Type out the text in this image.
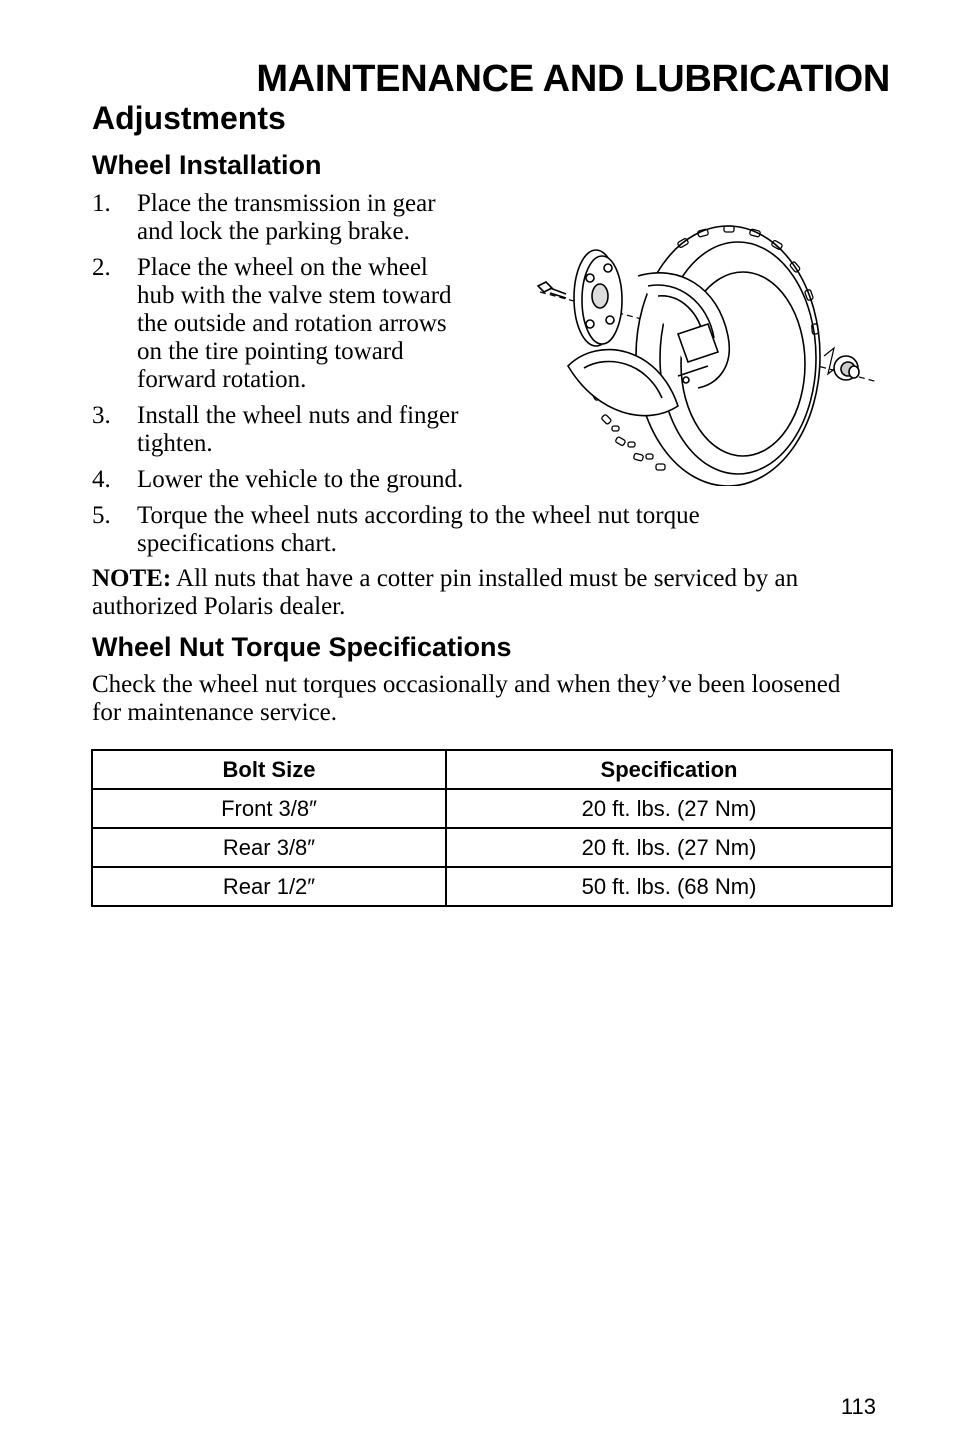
MAINTENANCE AND LUBRICATION
Adjustments
Wheel Installation
1. Place the transmission in gear
and lock the parking brake.
2. Place the wheel on the wheel
hub with the valve stem toward
the outside and rotation arrows
on the tire pointing toward
forward rotation.
3. Install the wheel nuts and finger
tighten.
4. Lower the vehicle to the ground.
5. Torque the wheel nuts according to the wheel nut torque
specifications chart.

NOTE: All nuts that have a cotter pin installed must be serviced by an authorized Polaris dealer.

Wheel Nut Torque Specifications

Check the wheel nut torques occasionally and when they’ve been loosened for maintenance service.

Bolt Size	Specification
Front 3/8″	20 ft. lbs. (27 Nm)
Rear 3/8″	20 ft. lbs. (27 Nm)
Rear 1/2″	50 ft. lbs. (68 Nm)
113
